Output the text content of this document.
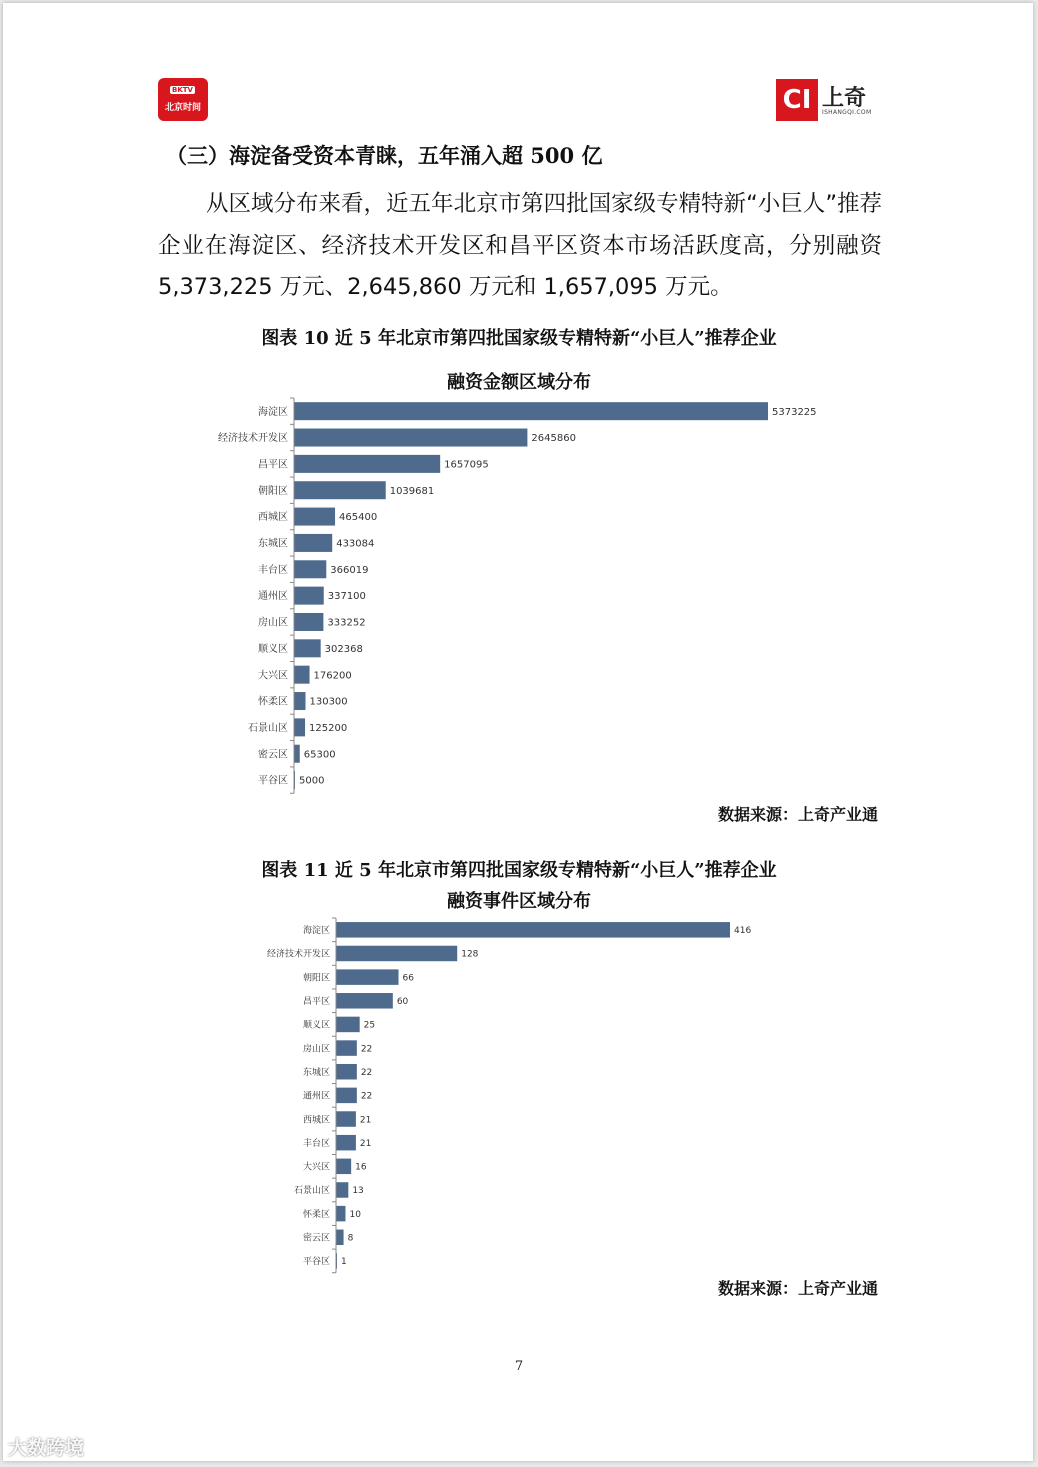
BKTV
北京时间	CI 上奇
ISHANGQI.COM
（三）海淀备受资本青睐，五年涌入超 500 亿

从区域分布来看，近五年北京市第四批国家级专精特新“小巨人”推荐企业在海淀区、经济技术开发区和昌平区资本市场活跃度高，分别融资 5,373,225 万元、2,645,860 万元和 1,657,095 万元。

图表 10 近 5 年北京市第四批国家级专精特新“小巨人”推荐企业
融资金额区域分布
海淀区	5373225
经济技术开发区	2645860
昌平区	1657095
朝阳区	1039681
西城区	465400
东城区	433084
丰台区	366019
通州区	337100
房山区	333252
顺义区	302368
大兴区	176200
怀柔区 130300
石景山区 125200
密云区 65300
平谷区 5000
数据来源：上奇产业通
图表 11 近 5 年北京市第四批国家级专精特新“小巨人”推荐企业
融资事件区域分布
海淀区	416
经济技术开发区	128
朝阳区	66
昌平区	60
顺义区	25
房山区	22
东城区	22
通州区	22
西城区	21
丰台区	21
大兴区	16
石景山区 13
怀柔区 10
密云区 8
平谷区 1
数据来源：上奇产业通
7
大数跨境
